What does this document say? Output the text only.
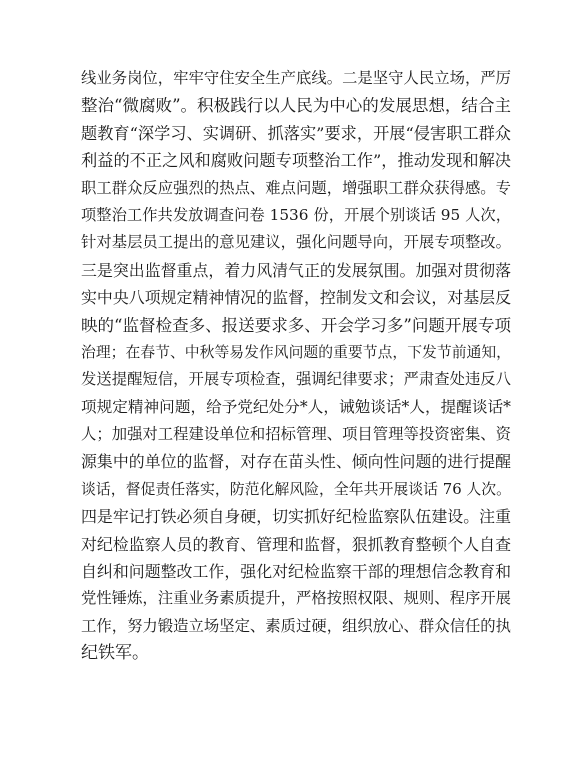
线业务岗位，牢牢守住安全生产底线。二是坚守人民立场，严厉
整治“微腐败”。积极践行以人民为中心的发展思想，结合主
题教育“深学习、实调研、抓落实”要求，开展“侵害职工群众
利益的不正之风和腐败问题专项整治工作”，推动发现和解决
职工群众反应强烈的热点、难点问题，增强职工群众获得感。专
项整治工作共发放调查问卷 1536 份，开展个别谈话 95 人次，
针对基层员工提出的意见建议，强化问题导向，开展专项整改。
三是突出监督重点，着力风清气正的发展氛围。加强对贯彻落
实中央八项规定精神情况的监督，控制发文和会议，对基层反
映的“监督检查多、报送要求多、开会学习多”问题开展专项
治理；在春节、中秋等易发作风问题的重要节点，下发节前通知，
发送提醒短信，开展专项检查，强调纪律要求；严肃查处违反八
项规定精神问题，给予党纪处分*人，诫勉谈话*人，提醒谈话*
人；加强对工程建设单位和招标管理、项目管理等投资密集、资
源集中的单位的监督，对存在苗头性、倾向性问题的进行提醒
谈话，督促责任落实，防范化解风险，全年共开展谈话 76 人次。
四是牢记打铁必须自身硬，切实抓好纪检监察队伍建设。注重
对纪检监察人员的教育、管理和监督，狠抓教育整顿个人自查
自纠和问题整改工作，强化对纪检监察干部的理想信念教育和
党性锤炼，注重业务素质提升，严格按照权限、规则、程序开展
工作，努力锻造立场坚定、素质过硬，组织放心、群众信任的执
纪铁军。
